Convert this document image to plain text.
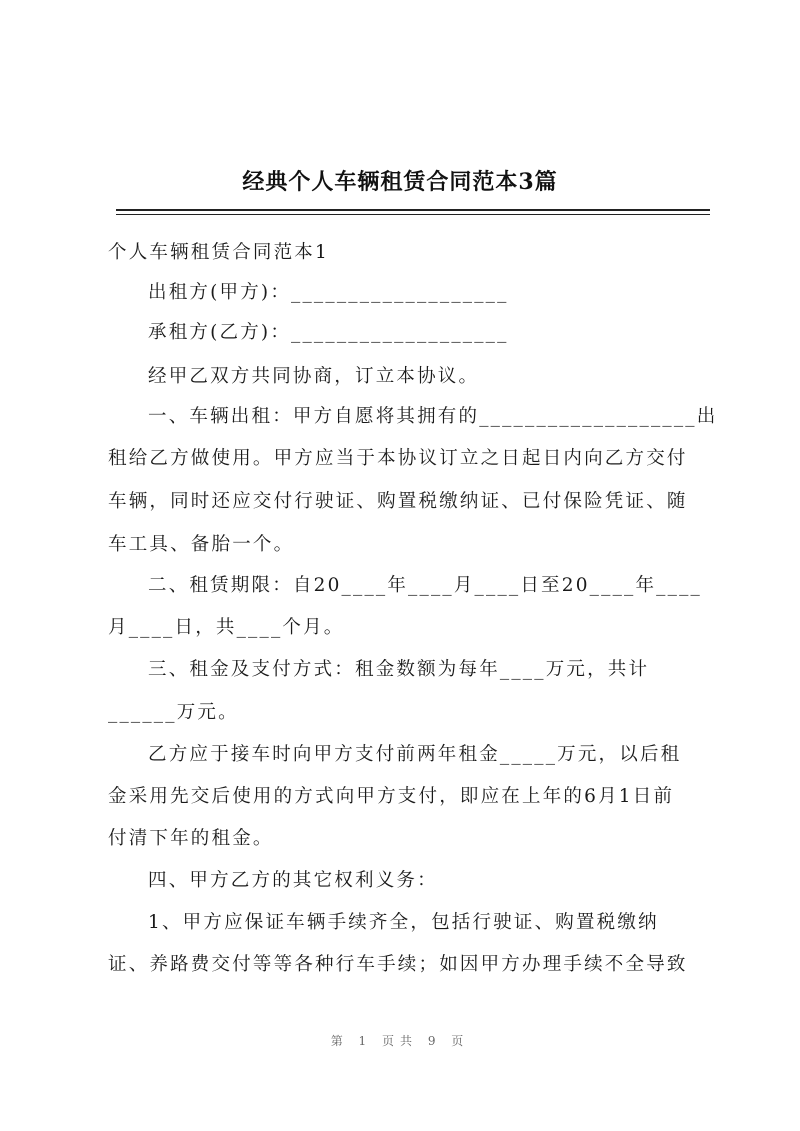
经典个人车辆租赁合同范本3篇
个人车辆租赁合同范本1
出租方(甲方)：___________________
承租方(乙方)：___________________
经甲乙双方共同协商，订立本协议。
一、车辆出租：甲方自愿将其拥有的___________________出
租给乙方做使用。甲方应当于本协议订立之日起日内向乙方交付
车辆，同时还应交付行驶证、购置税缴纳证、已付保险凭证、随
车工具、备胎一个。
二、租赁期限：自20____年____月____日至20____年____
月____日，共____个月。
三、租金及支付方式：租金数额为每年____万元，共计
______万元。
乙方应于接车时向甲方支付前两年租金_____万元，以后租
金采用先交后使用的方式向甲方支付，即应在上年的6月1日前
付清下年的租金。
四、甲方乙方的其它权利义务：
1、甲方应保证车辆手续齐全，包括行驶证、购置税缴纳
证、养路费交付等等各种行车手续；如因甲方办理手续不全导致
第 1 页共 9 页
